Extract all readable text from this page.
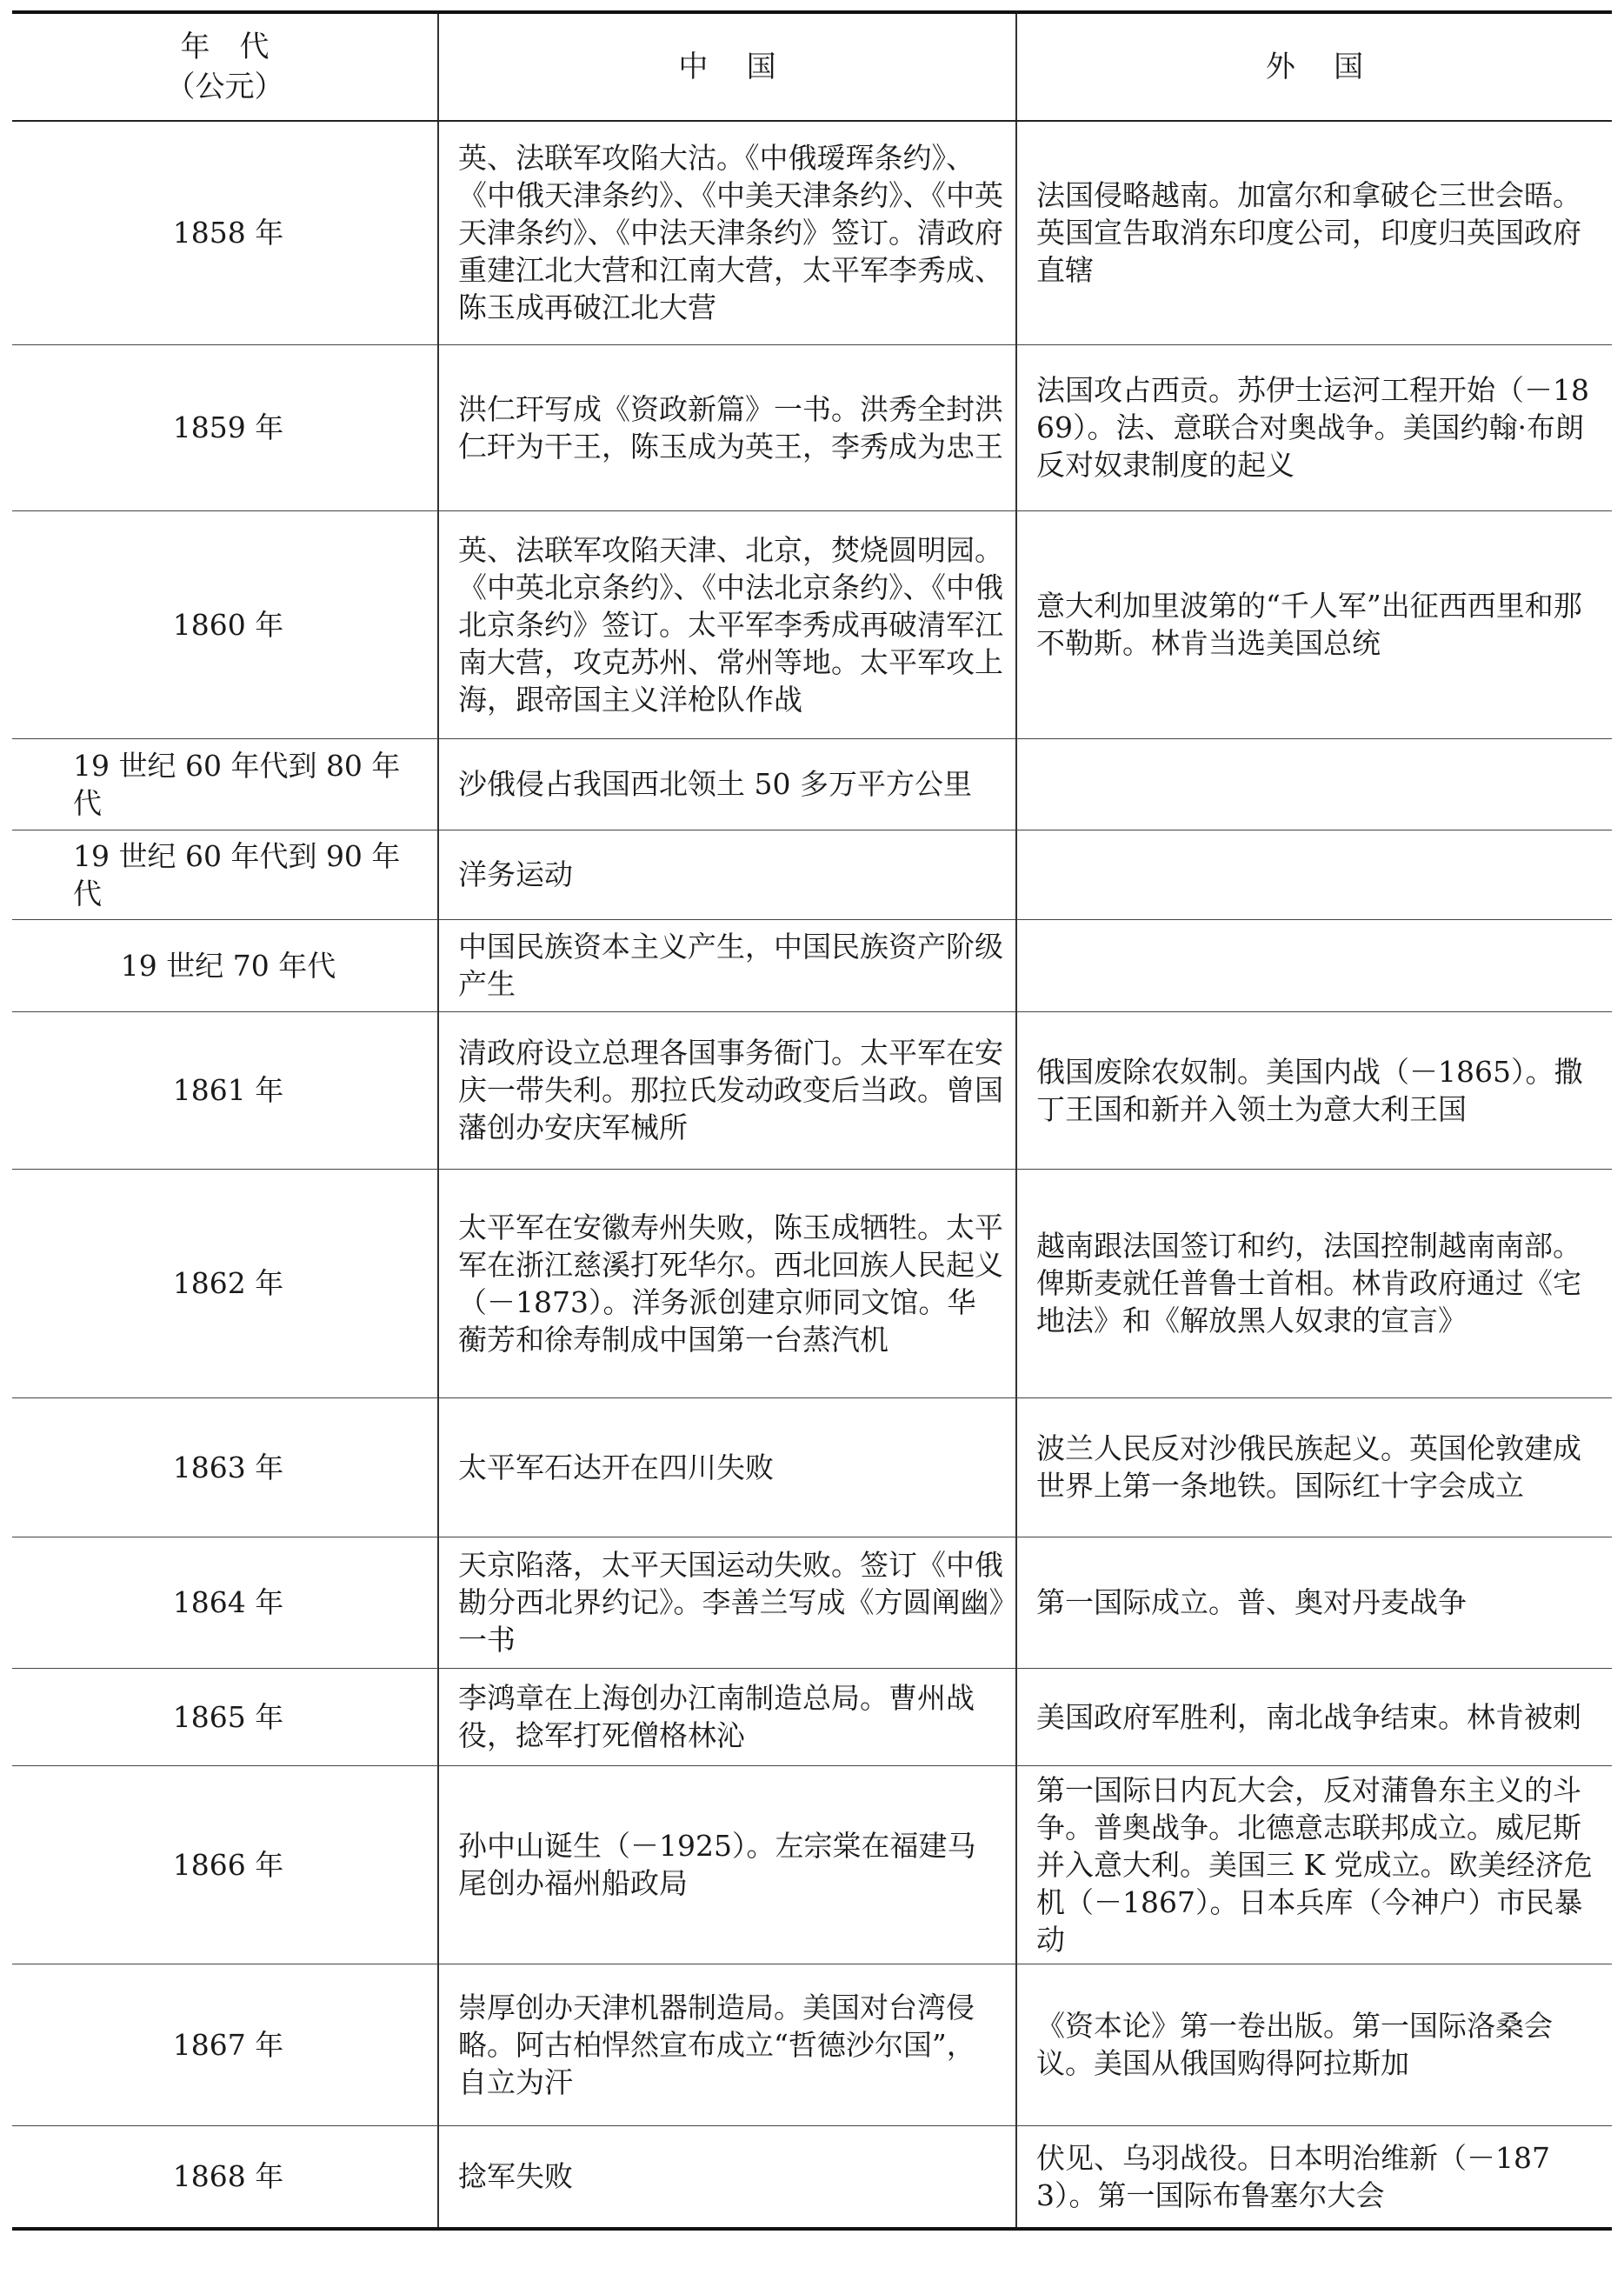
年　代
（公元）	中国	外国
1858 年	英、法联军攻陷大沽。《中俄瑷珲条约》、《中俄天津条约》、《中美天津条约》、《中英天津条约》、《中法天津条约》签订。清政府重建江北大营和江南大营，太平军李秀成、陈玉成再破江北大营	法国侵略越南。加富尔和拿破仑三世会晤。英国宣告取消东印度公司，印度归英国政府直辖
1859 年	洪仁玕写成《资政新篇》一书。洪秀全封洪仁玕为干王，陈玉成为英王，李秀成为忠王	法国攻占西贡。苏伊士运河工程开始（－1869）。法、意联合对奥战争。美国约翰·布朗反对奴隶制度的起义
1860 年	英、法联军攻陷天津、北京，焚烧圆明园。《中英北京条约》、《中法北京条约》、《中俄北京条约》签订。太平军李秀成再破清军江南大营，攻克苏州、常州等地。太平军攻上海，跟帝国主义洋枪队作战	意大利加里波第的“千人军”出征西西里和那不勒斯。林肯当选美国总统
19 世纪 60 年代到 80 年代	沙俄侵占我国西北领土 50 多万平方公里	
19 世纪 60 年代到 90 年代	洋务运动	
19 世纪 70 年代	中国民族资本主义产生，中国民族资产阶级产生	
1861 年	清政府设立总理各国事务衙门。太平军在安庆一带失利。那拉氏发动政变后当政。曾国藩创办安庆军械所	俄国废除农奴制。美国内战（－1865）。撒丁王国和新并入领土为意大利王国
1862 年	太平军在安徽寿州失败，陈玉成牺牲。太平军在浙江慈溪打死华尔。西北回族人民起义（－1873）。洋务派创建京师同文馆。华蘅芳和徐寿制成中国第一台蒸汽机	越南跟法国签订和约，法国控制越南南部。俾斯麦就任普鲁士首相。林肯政府通过《宅地法》和《解放黑人奴隶的宣言》
1863 年	太平军石达开在四川失败	波兰人民反对沙俄民族起义。英国伦敦建成世界上第一条地铁。国际红十字会成立
1864 年	天京陷落，太平天国运动失败。签订《中俄勘分西北界约记》。李善兰写成《方圆阐幽》一书	第一国际成立。普、奥对丹麦战争
1865 年	李鸿章在上海创办江南制造总局。曹州战役，捻军打死僧格林沁	美国政府军胜利，南北战争结束。林肯被刺
1866 年	孙中山诞生（－1925）。左宗棠在福建马尾创办福州船政局	第一国际日内瓦大会，反对蒲鲁东主义的斗争。普奥战争。北德意志联邦成立。威尼斯并入意大利。美国三 K 党成立。欧美经济危机（－1867）。日本兵库（今神户）市民暴动
1867 年	崇厚创办天津机器制造局。美国对台湾侵略。阿古柏悍然宣布成立“哲德沙尔国”，自立为汗	《资本论》第一卷出版。第一国际洛桑会议。美国从俄国购得阿拉斯加
1868 年	捻军失败	伏见、乌羽战役。日本明治维新（－1873）。第一国际布鲁塞尔大会
